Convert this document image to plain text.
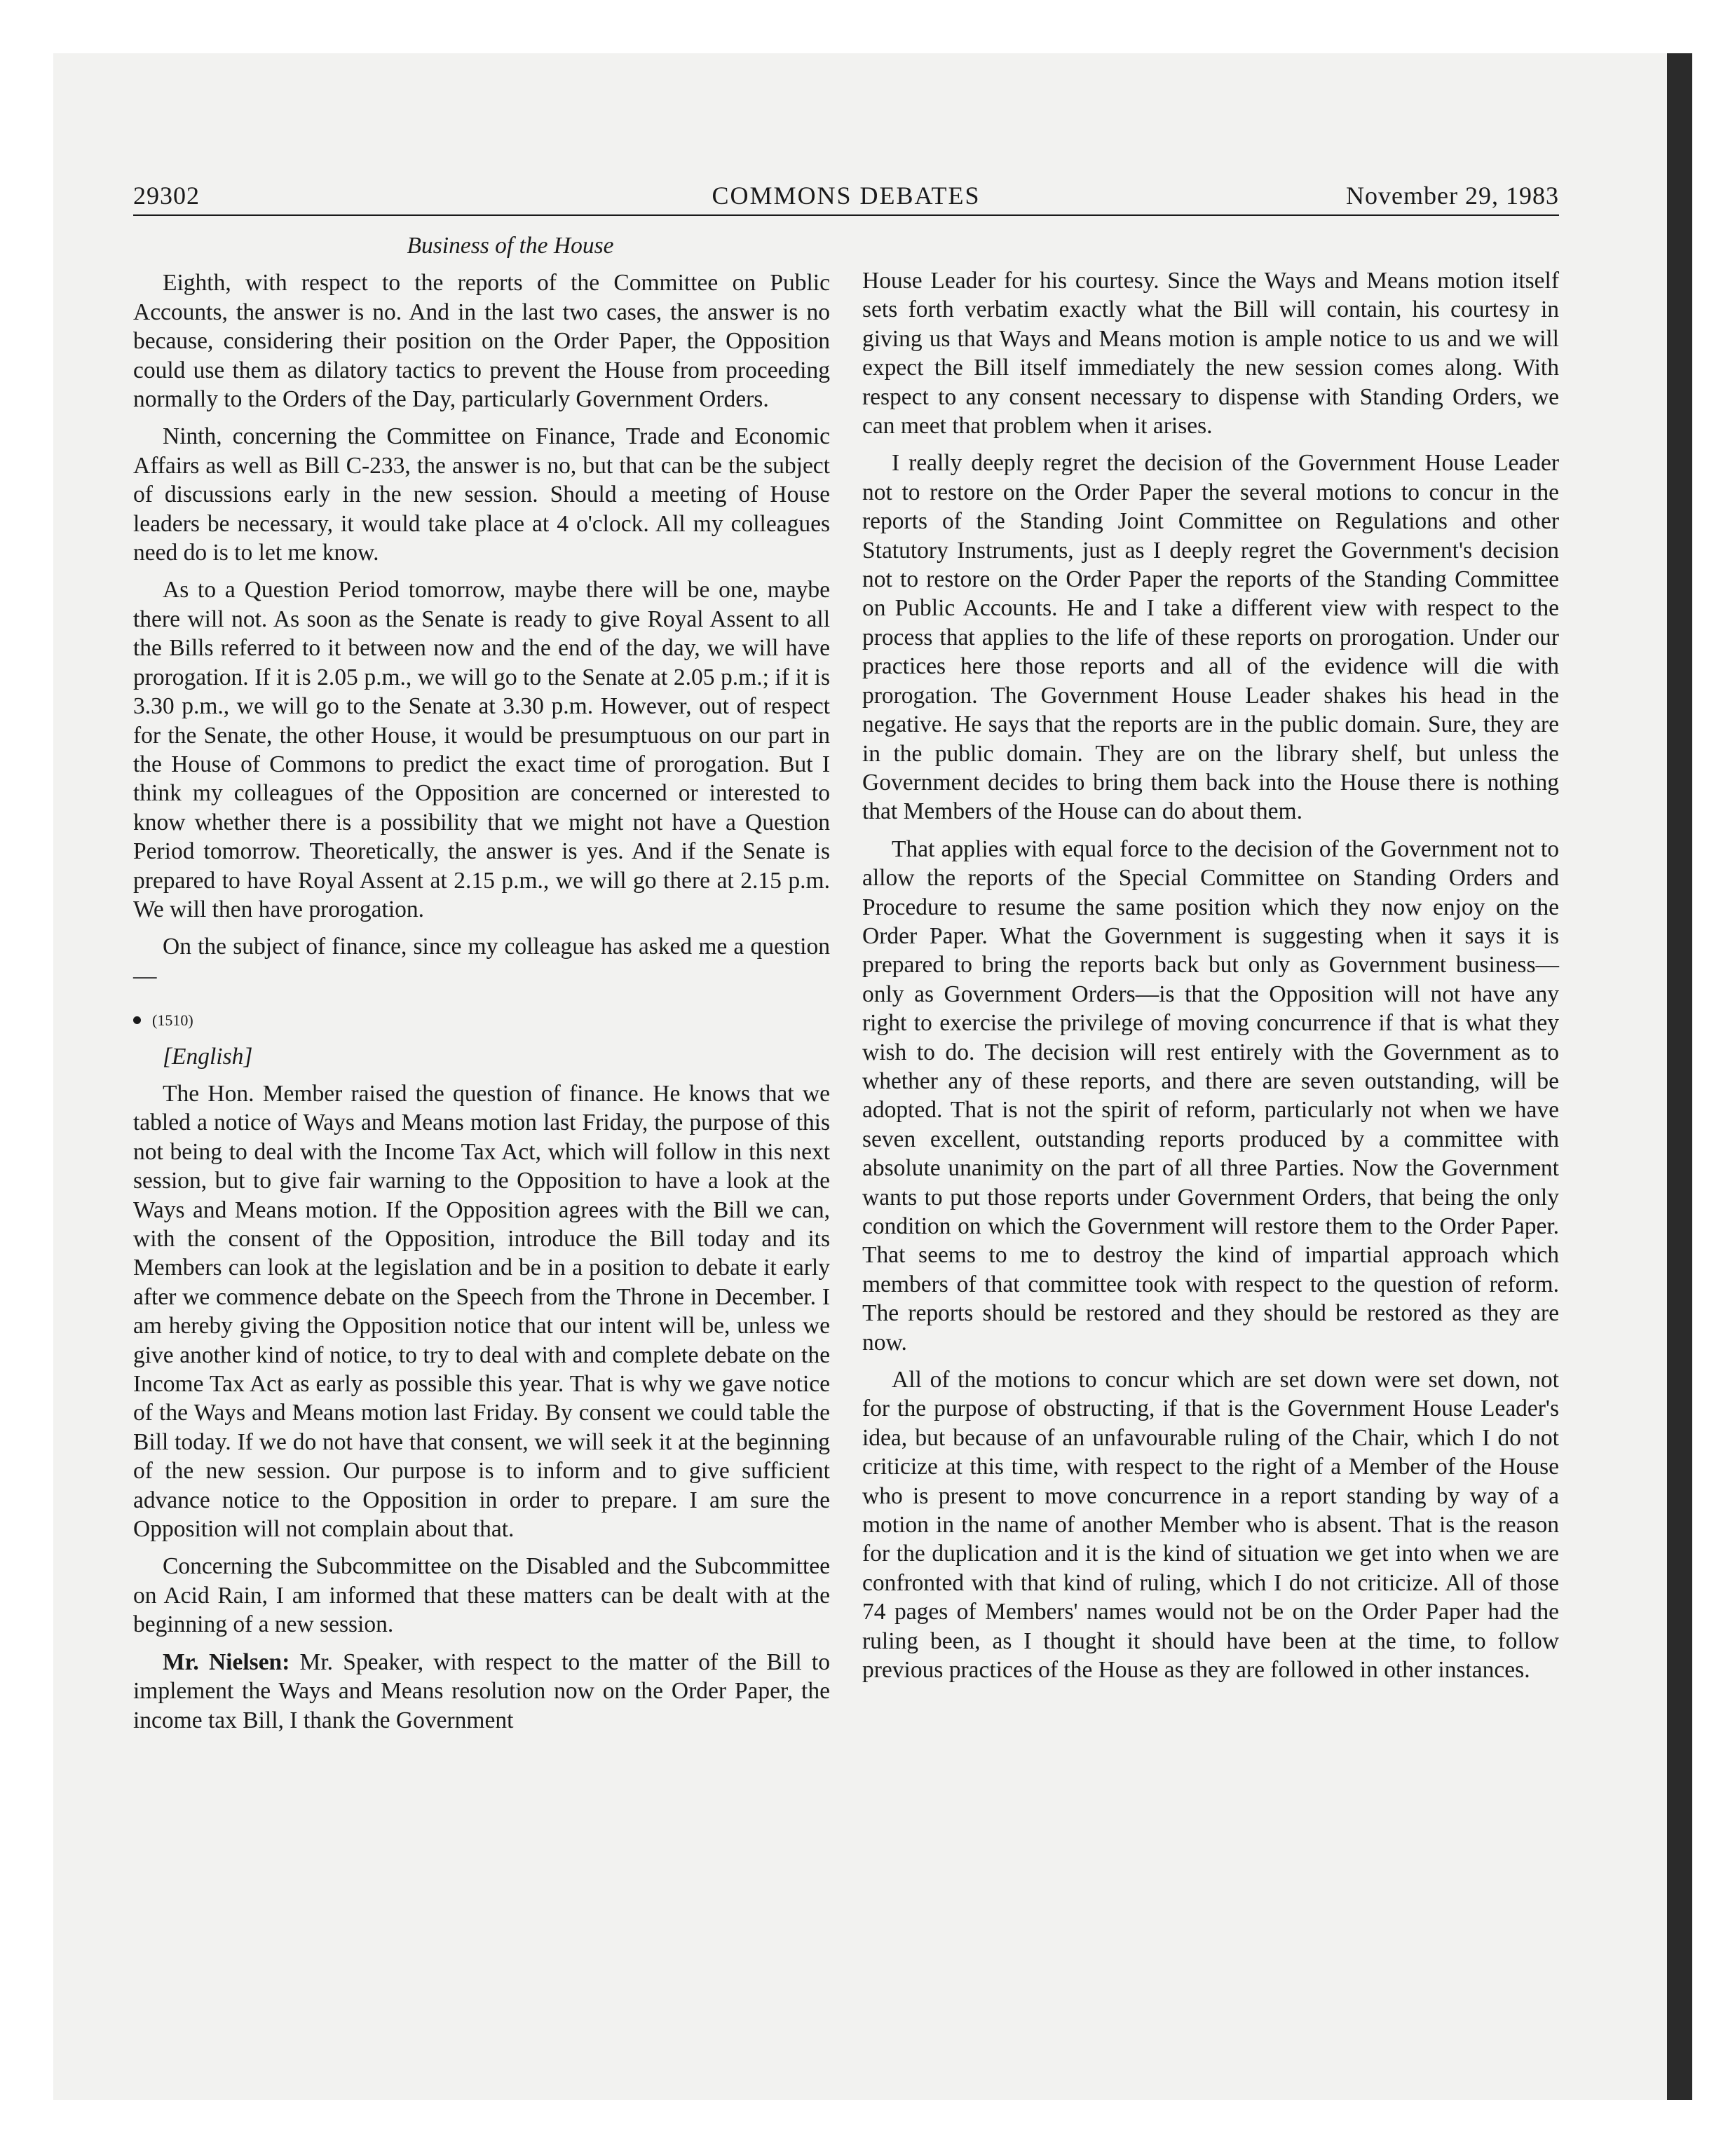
29302	COMMONS DEBATES	November 29, 1983

Business of the House

Eighth, with respect to the reports of the Committee on Public Accounts, the answer is no. And in the last two cases, the answer is no because, considering their position on the Order Paper, the Opposition could use them as dilatory tactics to prevent the House from proceeding normally to the Orders of the Day, particularly Government Orders.

Ninth, concerning the Committee on Finance, Trade and Economic Affairs as well as Bill C-233, the answer is no, but that can be the subject of discussions early in the new session. Should a meeting of House leaders be necessary, it would take place at 4 o'clock. All my colleagues need do is to let me know.

As to a Question Period tomorrow, maybe there will be one, maybe there will not. As soon as the Senate is ready to give Royal Assent to all the Bills referred to it between now and the end of the day, we will have prorogation. If it is 2.05 p.m., we will go to the Senate at 2.05 p.m.; if it is 3.30 p.m., we will go to the Senate at 3.30 p.m. However, out of respect for the Senate, the other House, it would be presumptuous on our part in the House of Commons to predict the exact time of prorogation. But I think my colleagues of the Opposition are concerned or interested to know whether there is a possibility that we might not have a Question Period tomorrow. Theoretically, the answer is yes. And if the Senate is prepared to have Royal Assent at 2.15 p.m., we will go there at 2.15 p.m. We will then have prorogation.

On the subject of finance, since my colleague has asked me a question—

(1510)

[English]

The Hon. Member raised the question of finance. He knows that we tabled a notice of Ways and Means motion last Friday, the purpose of this not being to deal with the Income Tax Act, which will follow in this next session, but to give fair warning to the Opposition to have a look at the Ways and Means motion. If the Opposition agrees with the Bill we can, with the consent of the Opposition, introduce the Bill today and its Members can look at the legislation and be in a position to debate it early after we commence debate on the Speech from the Throne in December. I am hereby giving the Opposition notice that our intent will be, unless we give another kind of notice, to try to deal with and complete debate on the Income Tax Act as early as possible this year. That is why we gave notice of the Ways and Means motion last Friday. By consent we could table the Bill today. If we do not have that consent, we will seek it at the beginning of the new session. Our purpose is to inform and to give sufficient advance notice to the Opposition in order to prepare. I am sure the Opposition will not complain about that.

Concerning the Subcommittee on the Disabled and the Subcommittee on Acid Rain, I am informed that these matters can be dealt with at the beginning of a new session.

Mr. Nielsen: Mr. Speaker, with respect to the matter of the Bill to implement the Ways and Means resolution now on the Order Paper, the income tax Bill, I thank the Government

House Leader for his courtesy. Since the Ways and Means motion itself sets forth verbatim exactly what the Bill will contain, his courtesy in giving us that Ways and Means motion is ample notice to us and we will expect the Bill itself immediately the new session comes along. With respect to any consent necessary to dispense with Standing Orders, we can meet that problem when it arises.

I really deeply regret the decision of the Government House Leader not to restore on the Order Paper the several motions to concur in the reports of the Standing Joint Committee on Regulations and other Statutory Instruments, just as I deeply regret the Government's decision not to restore on the Order Paper the reports of the Standing Committee on Public Accounts. He and I take a different view with respect to the process that applies to the life of these reports on prorogation. Under our practices here those reports and all of the evidence will die with prorogation. The Government House Leader shakes his head in the negative. He says that the reports are in the public domain. Sure, they are in the public domain. They are on the library shelf, but unless the Government decides to bring them back into the House there is nothing that Members of the House can do about them.

That applies with equal force to the decision of the Government not to allow the reports of the Special Committee on Standing Orders and Procedure to resume the same position which they now enjoy on the Order Paper. What the Government is suggesting when it says it is prepared to bring the reports back but only as Government business—only as Government Orders—is that the Opposition will not have any right to exercise the privilege of moving concurrence if that is what they wish to do. The decision will rest entirely with the Government as to whether any of these reports, and there are seven outstanding, will be adopted. That is not the spirit of reform, particularly not when we have seven excellent, outstanding reports produced by a committee with absolute unanimity on the part of all three Parties. Now the Government wants to put those reports under Government Orders, that being the only condition on which the Government will restore them to the Order Paper. That seems to me to destroy the kind of impartial approach which members of that committee took with respect to the question of reform. The reports should be restored and they should be restored as they are now.

All of the motions to concur which are set down were set down, not for the purpose of obstructing, if that is the Government House Leader's idea, but because of an unfavourable ruling of the Chair, which I do not criticize at this time, with respect to the right of a Member of the House who is present to move concurrence in a report standing by way of a motion in the name of another Member who is absent. That is the reason for the duplication and it is the kind of situation we get into when we are confronted with that kind of ruling, which I do not criticize. All of those 74 pages of Members' names would not be on the Order Paper had the ruling been, as I thought it should have been at the time, to follow previous practices of the House as they are followed in other instances.
